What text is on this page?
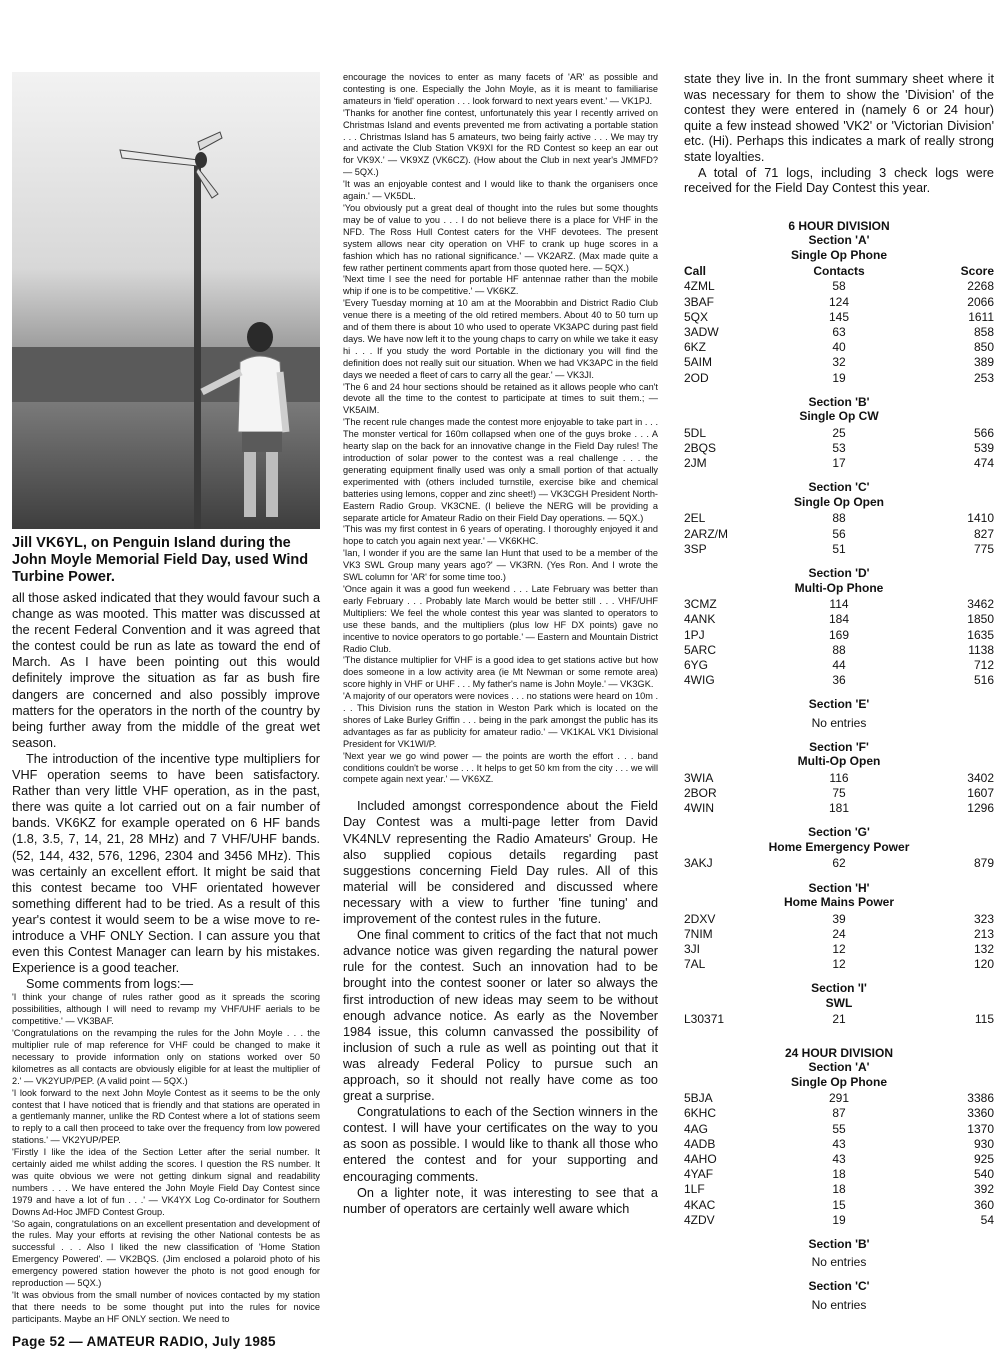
Jill VK6YL, on Penguin Island during the John Moyle Memorial Field Day, used Wind Turbine Power.

all those asked indicated that they would favour such a change as was mooted. This matter was discussed at the recent Federal Convention and it was agreed that the contest could be run as late as toward the end of March. As I have been pointing out this would definitely improve the situation as far as bush fire dangers are concerned and also possibly improve matters for the operators in the north of the country by being further away from the middle of the great wet season.

The introduction of the incentive type multipliers for VHF operation seems to have been satisfactory. Rather than very little VHF operation, as in the past, there was quite a lot carried out on a fair number of bands. VK6KZ for example operated on 6 HF bands (1.8, 3.5, 7, 14, 21, 28 MHz) and 7 VHF/UHF bands. (52, 144, 432, 576, 1296, 2304 and 3456 MHz). This was certainly an excellent effort. It might be said that this contest became too VHF orientated however something different had to be tried. As a result of this year's contest it would seem to be a wise move to re-introduce a VHF ONLY Section. I can assure you that even this Contest Manager can learn by his mistakes. Experience is a good teacher.

Some comments from logs:—

'I think your change of rules rather good as it spreads the scoring possibilities, although I will need to revamp my VHF/UHF aerials to be competitive.' — VK3BAF.

'Congratulations on the revamping the rules for the John Moyle . . . the multiplier rule of map reference for VHF could be changed to make it necessary to provide information only on stations worked over 50 kilometres as all contacts are obviously eligible for at least the multiplier of 2.' — VK2YUP/PEP. (A valid point — 5QX.)

'I look forward to the next John Moyle Contest as it seems to be the only contest that I have noticed that is friendly and that stations are operated in a gentlemanly manner, unlike the RD Contest where a lot of stations seem to reply to a call then proceed to take over the frequency from low powered stations.' — VK2YUP/PEP.

'Firstly I like the idea of the Section Letter after the serial number. It certainly aided me whilst adding the scores. I question the RS number. It was quite obvious we were not getting dinkum signal and readability numbers . . . We have entered the John Moyle Field Day Contest since 1979 and have a lot of fun . . .' — VK4YX Log Co-ordinator for Southern Downs Ad-Hoc JMFD Contest Group.

'So again, congratulations on an excellent presentation and development of the rules. May your efforts at revising the other National contests be as successful . . . Also I liked the new classification of 'Home Station Emergency Powered'. — VK2BQS. (Jim enclosed a polaroid photo of his emergency powered station however the photo is not good enough for reproduction — 5QX.)

'It was obvious from the small number of novices contacted by my station that there needs to be some thought put into the rules for novice participants. Maybe an HF ONLY section. We need to

encourage the novices to enter as many facets of 'AR' as possible and contesting is one. Especially the John Moyle, as it is meant to familiarise amateurs in 'field' operation . . . look forward to next years event.' — VK1PJ.

'Thanks for another fine contest, unfortunately this year I recently arrived on Christmas Island and events prevented me from activating a portable station . . . Christmas Island has 5 amateurs, two being fairly active . . . We may try and activate the Club Station VK9XI for the RD Contest so keep an ear out for VK9X.' — VK9XZ (VK6CZ). (How about the Club in next year's JMMFD? — 5QX.)

'It was an enjoyable contest and I would like to thank the organisers once again.' — VK5DL.

'You obviously put a great deal of thought into the rules but some thoughts may be of value to you . . . I do not believe there is a place for VHF in the NFD. The Ross Hull Contest caters for the VHF devotees. The present system allows near city operation on VHF to crank up huge scores in a fashion which has no rational significance.' — VK2ARZ. (Max made quite a few rather pertinent comments apart from those quoted here. — 5QX.)

'Next time I see the need for portable HF antennae rather than the mobile whip if one is to be competitive.' — VK6KZ.

'Every Tuesday morning at 10 am at the Moorabbin and District Radio Club venue there is a meeting of the old retired members. About 40 to 50 turn up and of them there is about 10 who used to operate VK3APC during past field days. We have now left it to the young chaps to carry on while we take it easy hi . . . If you study the word Portable in the dictionary you will find the definition does not really suit our situation. When we had VK3APC in the field days we needed a fleet of cars to carry all the gear.' — VK3JI.

'The 6 and 24 hour sections should be retained as it allows people who can't devote all the time to the contest to participate at times to suit them.; — VK5AIM.

'The recent rule changes made the contest more enjoyable to take part in . . . The monster vertical for 160m collapsed when one of the guys broke . . . A hearty slap on the back for an innovative change in the Field Day rules! The introduction of solar power to the contest was a real challenge . . . the generating equipment finally used was only a small portion of that actually experimented with (others included turnstile, exercise bike and chemical batteries using lemons, copper and zinc sheet!) — VK3CGH President North-Eastern Radio Group. VK3CNE. (I believe the NERG will be providing a separate article for Amateur Radio on their Field Day operations. — 5QX.)

'This was my first contest in 6 years of operating. I thoroughly enjoyed it and hope to catch you again next year.' — VK6KHC.

'Ian, I wonder if you are the same Ian Hunt that used to be a member of the VK3 SWL Group many years ago?' — VK3RN. (Yes Ron. And I wrote the SWL column for 'AR' for some time too.)

'Once again it was a good fun weekend . . . Late February was better than early February . . . Probably late March would be better still . . . VHF/UHF Multipliers: We feel the whole contest this year was slanted to operators to use these bands, and the multipliers (plus low HF DX points) gave no incentive to novice operators to go portable.' — Eastern and Mountain District Radio Club.

'The distance multiplier for VHF is a good idea to get stations active but how does someone in a low activity area (ie Mt Newman or some remote area) score highly in VHF or UHF . . . My father's name is John Moyle.' — VK3GK.

'A majority of our operators were novices . . . no stations were heard on 10m . . . This Division runs the station in Weston Park which is located on the shores of Lake Burley Griffin . . . being in the park amongst the public has its advantages as far as publicity for amateur radio.' — VK1KAL VK1 Divisional President for VK1WI/P.

'Next year we go wind power — the points are worth the effort . . . band conditions couldn't be worse . . . It helps to get 50 km from the city . . . we will compete again next year.' — VK6XZ.

Included amongst correspondence about the Field Day Contest was a multi-page letter from David VK4NLV representing the Radio Amateurs' Group. He also supplied copious details regarding past suggestions concerning Field Day rules. All of this material will be considered and discussed where necessary with a view to further 'fine tuning' and improvement of the contest rules in the future.

One final comment to critics of the fact that not much advance notice was given regarding the natural power rule for the contest. Such an innovation had to be brought into the contest sooner or later so always the first introduction of new ideas may seem to be without enough advance notice. As early as the November 1984 issue, this column canvassed the possibility of inclusion of such a rule as well as pointing out that it was already Federal Policy to pursue such an approach, so it should not really have come as too great a surprise.

Congratulations to each of the Section winners in the contest. I will have your certificates on the way to you as soon as possible. I would like to thank all those who entered the contest and for your supporting and encouraging comments.

On a lighter note, it was interesting to see that a number of operators are certainly well aware which

state they live in. In the front summary sheet where it was necessary for them to show the 'Division' of the contest they were entered in (namely 6 or 24 hour) quite a few instead showed 'VK2' or 'Victorian Division' etc. (Hi). Perhaps this indicates a mark of really strong state loyalties.

A total of 71 logs, including 3 check logs were received for the Field Day Contest this year.

6 HOUR DIVISION
Section 'A'
Single Op Phone
Call	Contacts	Score
4ZML	58	2268
3BAF	124	2066
5QX	145	1611
3ADW	63	858
6KZ	40	850
5AIM	32	389
2OD	19	253
Section 'B'
Single Op CW
5DL	25	566
2BQS	53	539
2JM	17	474
Section 'C'
Single Op Open
2EL	88	1410
2ARZ/M	56	827
3SP	51	775
Section 'D'
Multi-Op Phone
3CMZ	114	3462
4ANK	184	1850
1PJ	169	1635
5ARC	88	1138
6YG	44	712
4WIG	36	516
Section 'E'
No entries
Section 'F'
Multi-Op Open
3WIA	116	3402
2BOR	75	1607
4WIN	181	1296
Section 'G'
Home Emergency Power
3AKJ	62	879
Section 'H'
Home Mains Power
2DXV	39	323
7NIM	24	213
3JI	12	132
7AL	12	120
Section 'I'
SWL
L30371	21	115
24 HOUR DIVISION
Section 'A'
Single Op Phone
5BJA	291	3386
6KHC	87	3360
4AG	55	1370
4ADB	43	930
4AHO	43	925
4YAF	18	540
1LF	18	392
4KAC	15	360
4ZDV	19	54
Section 'B'
No entries
Section 'C'
No entries
Page 52 — AMATEUR RADIO, July 1985
